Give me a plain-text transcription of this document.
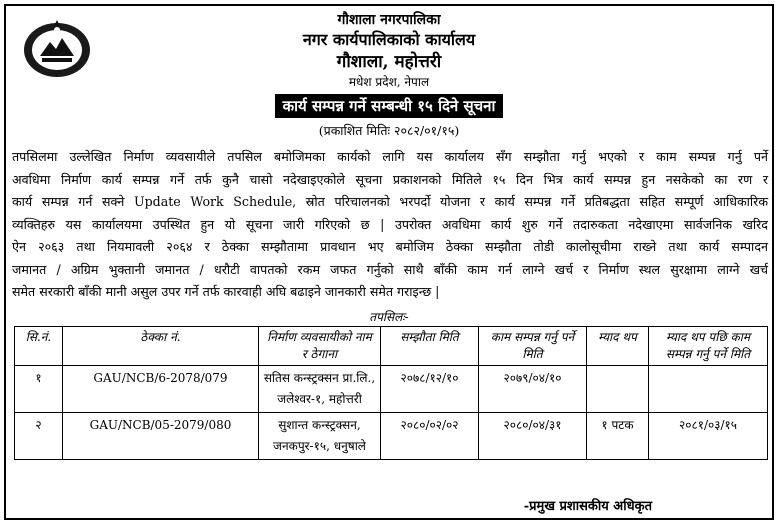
गौशाला नगरपालिका
नगर कार्यपालिकाको कार्यालय
गौशाला, महोत्तरी
मधेश प्रदेश, नेपाल
कार्य सम्पन्न गर्ने सम्बन्धी १५ दिने सूचना
(प्रकाशित मितिः २०८२/०१/१५)
तपसिलमा उल्लेखित निर्माण व्यवसायीले तपसिल बमोजिमका कार्यको लागि यस कार्यालय सँग सम्झौता गर्नु भएको र काम सम्पन्न गर्नु पर्ने
अवधिमा निर्माण कार्य सम्पन्न गर्ने तर्फ कुनै चासो नदेखाइएकोले सूचना प्रकाशनको मितिले १५ दिन भित्र कार्य सम्पन्न हुन नसकेको का रण र
कार्य सम्पन्न गर्न सक्ने Update Work Schedule, स्रोत परिचालनको भरपर्दो योजना र कार्य सम्पन्न गर्ने प्रतिबद्धता सहित सम्पूर्ण आधिकारिक
व्यक्तिहरु यस कार्यालयमा उपस्थित हुन यो सूचना जारी गरिएको छ | उपरोक्त अवधिमा कार्य शुरु गर्ने तदारुकता नदेखाएमा सार्वजनिक खरिद
ऐन २०६३ तथा नियमावली २०६४ र ठेक्का सम्झौतामा प्रावधान भए बमोजिम ठेक्का सम्झौता तोडी कालोसूचीमा राख्ने तथा कार्य सम्पादन
जमानत / अग्रिम भुक्तानी जमानत / धरौटी वापतको रकम जफत गर्नुको साथै बाँकी काम गर्न लाग्ने खर्च र निर्माण स्थल सुरक्षामा लाग्ने खर्च
समेत सरकारी बाँकी मानी असुल उपर गर्ने तर्फ कारवाही अघि बढाइने जानकारी समेत गराइन्छ |
तपसिलः-
सि.नं.	ठेक्का नं.	निर्माण व्यवसायीको नाम र ठेगाना	सम्झौता मिति	काम सम्पन्न गर्नु पर्ने मिति	म्याद थप	म्याद थप पछि काम सम्पन्न गर्नु पर्ने मिति
१	GAU/NCB/6-2078/079	सतिस कन्स्ट्रक्सन प्रा.लि., जलेश्वर-१, महोत्तरी	२०७८/१२/१०	२०७९/०४/१०		
२	GAU/NCB/05-2079/080	सुशान्त कन्स्ट्रक्सन, जनकपुर-१५, धनुषाले	२०८०/०२/०२	२०८०/०४/३१	१ पटक	२०८१/०३/१५
-प्रमुख प्रशासकीय अधिकृत
